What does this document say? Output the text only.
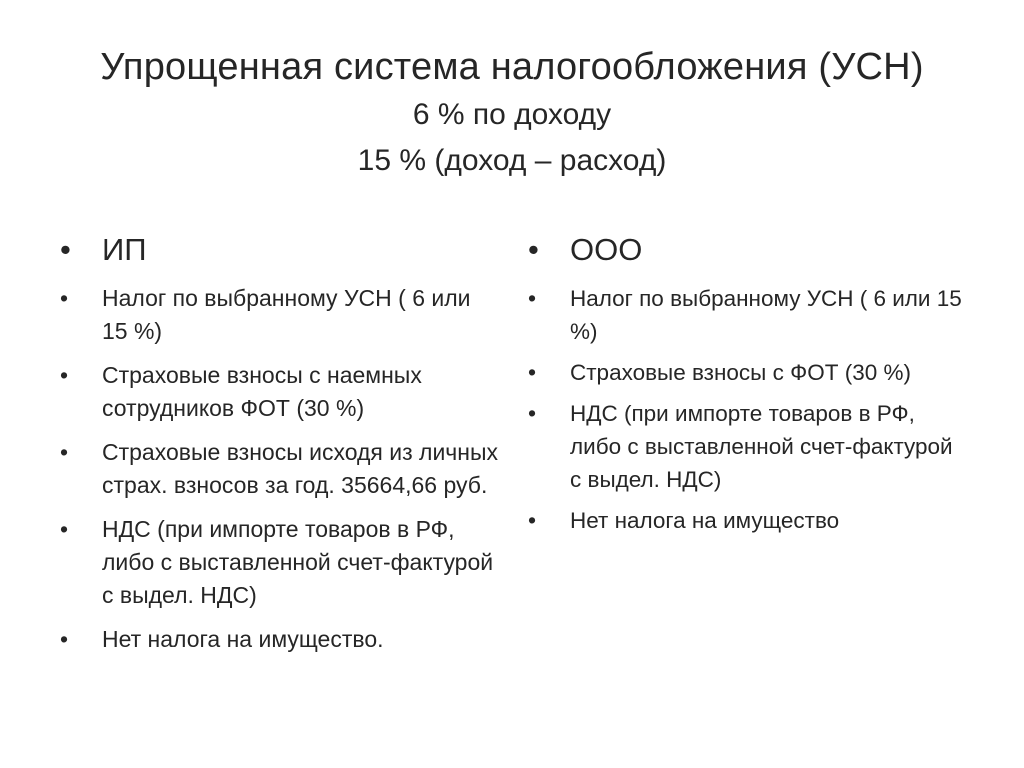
Упрощенная система налогообложения (УСН)
6 % по доходу
15 % (доход – расход)
• ИП
• Налог по выбранному УСН ( 6 или 15 %)
• Страховые взносы с наемных сотрудников ФОТ (30 %)
• Страховые взносы исходя из личных страх. взносов за год. 35664,66 руб.
• НДС (при импорте товаров в РФ, либо с выставленной счет-фактурой с выдел. НДС)
• Нет налога на имущество.
• ООО
• Налог по выбранному УСН ( 6 или 15 %)
• Страховые взносы с ФОТ (30 %)
• НДС (при импорте товаров в РФ, либо с выставленной счет-фактурой с выдел. НДС)
• Нет налога на имущество
